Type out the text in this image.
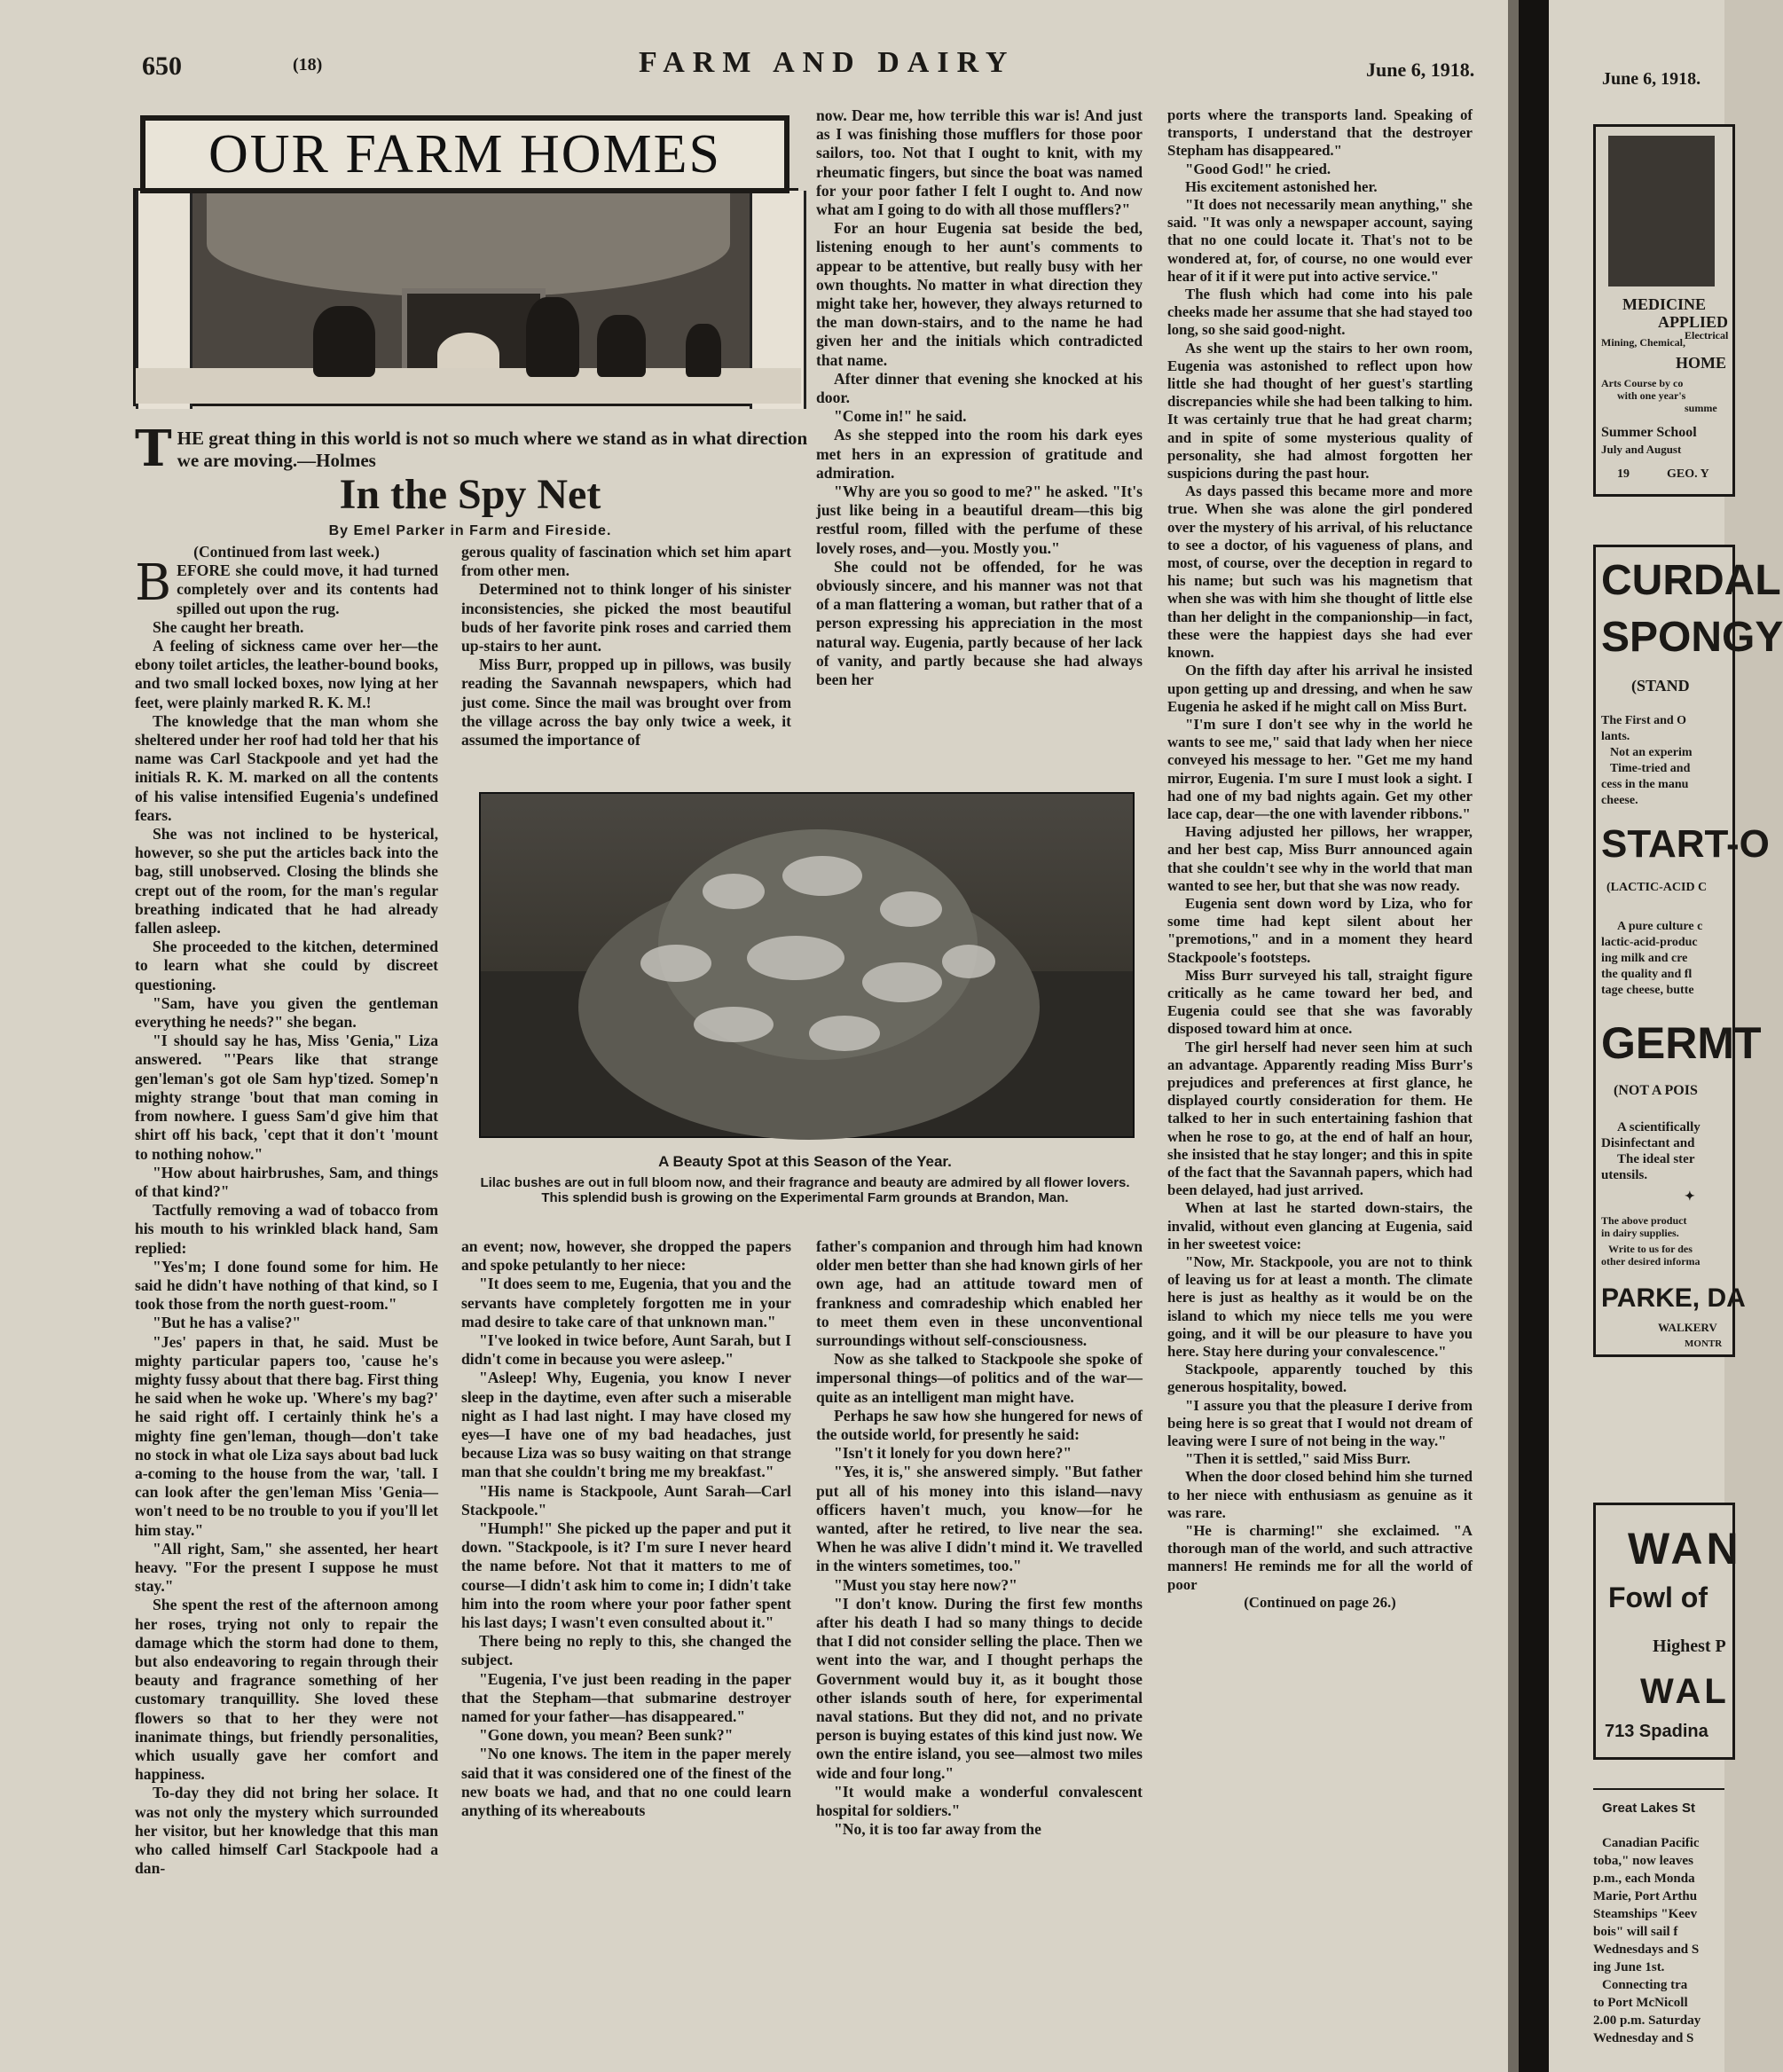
650	(18)	FARM AND DAIRY	June 6, 1918.	June 6, 1918.
OUR FARM HOMES
T HE great thing in this world is not so much where we stand as in what direction we are moving.—Holmes
In the Spy Net
By Emel Parker in Farm and Fireside.

(Continued from last week.)

BEFORE she could move, it had turned completely over and its contents had spilled out upon the rug.

She caught her breath.

A feeling of sickness came over her—the ebony toilet articles, the leather-bound books, and two small locked boxes, now lying at her feet, were plainly marked R. K. M.!

The knowledge that the man whom she sheltered under her roof had told her that his name was Carl Stackpoole and yet had the initials R. K. M. marked on all the contents of his valise intensified Eugenia's undefined fears.

She was not inclined to be hysterical, however, so she put the articles back into the bag, still unobserved. Closing the blinds she crept out of the room, for the man's regular breathing indicated that he had already fallen asleep.

She proceeded to the kitchen, determined to learn what she could by discreet questioning.

"Sam, have you given the gentleman everything he needs?" she began.

"I should say he has, Miss 'Genia," Liza answered. "'Pears like that strange gen'leman's got ole Sam hyp'tized. Somep'n mighty strange 'bout that man coming in from nowhere. I guess Sam'd give him that shirt off his back, 'cept that it don't 'mount to nothing nohow."

"How about hairbrushes, Sam, and things of that kind?"

Tactfully removing a wad of tobacco from his mouth to his wrinkled black hand, Sam replied:

"Yes'm; I done found some for him. He said he didn't have nothing of that kind, so I took those from the north guest-room."

"But he has a valise?"

"Jes' papers in that, he said. Must be mighty particular papers too, 'cause he's mighty fussy about that there bag. First thing he said when he woke up. 'Where's my bag?' he said right off. I certainly think he's a mighty fine gen'leman, though—don't take no stock in what ole Liza says about bad luck a-coming to the house from the war, 'tall. I can look after the gen'leman Miss 'Genia—won't need to be no trouble to you if you'll let him stay."

"All right, Sam," she assented, her heart heavy. "For the present I suppose he must stay."

She spent the rest of the afternoon among her roses, trying not only to repair the damage which the storm had done to them, but also endeavoring to regain through their beauty and fragrance something of her customary tranquillity. She loved these flowers so that to her they were not inanimate things, but friendly personalities, which usually gave her comfort and happiness.

To-day they did not bring her solace. It was not only the mystery which surrounded her visitor, but her knowledge that this man who called himself Carl Stackpoole had a dan-

gerous quality of fascination which set him apart from other men.

Determined not to think longer of his sinister inconsistencies, she picked the most beautiful buds of her favorite pink roses and carried them up-stairs to her aunt.

Miss Burr, propped up in pillows, was busily reading the Savannah newspapers, which had just come. Since the mail was brought over from the village across the bay only twice a week, it assumed the importance of

now. Dear me, how terrible this war is! And just as I was finishing those mufflers for those poor sailors, too. Not that I ought to knit, with my rheumatic fingers, but since the boat was named for your poor father I felt I ought to. And now what am I going to do with all those mufflers?"

For an hour Eugenia sat beside the bed, listening enough to her aunt's comments to appear to be attentive, but really busy with her own thoughts. No matter in what direction they might take her, however, they always returned to the man down-stairs, and to the name he had given her and the initials which contradicted that name.

After dinner that evening she knocked at his door.

"Come in!" he said.

As she stepped into the room his dark eyes met hers in an expression of gratitude and admiration.

"Why are you so good to me?" he asked. "It's just like being in a beautiful dream—this big restful room, filled with the perfume of these lovely roses, and—you. Mostly you."

She could not be offended, for he was obviously sincere, and his manner was not that of a man flattering a woman, but rather that of a person expressing his appreciation in the most natural way. Eugenia, partly because of her lack of vanity, and partly because she had always been her

A Beauty Spot at this Season of the Year.
Lilac bushes are out in full bloom now, and their fragrance and beauty are admired by all flower lovers. This splendid bush is growing on the Experimental Farm grounds at Brandon, Man.

an event; now, however, she dropped the papers and spoke petulantly to her niece:

"It does seem to me, Eugenia, that you and the servants have completely forgotten me in your mad desire to take care of that unknown man."

"I've looked in twice before, Aunt Sarah, but I didn't come in because you were asleep."

"Asleep! Why, Eugenia, you know I never sleep in the daytime, even after such a miserable night as I had last night. I may have closed my eyes—I have one of my bad headaches, just because Liza was so busy waiting on that strange man that she couldn't bring me my breakfast."

"His name is Stackpoole, Aunt Sarah—Carl Stackpoole."

"Humph!" She picked up the paper and put it down. "Stackpoole, is it? I'm sure I never heard the name before. Not that it matters to me of course—I didn't ask him to come in; I didn't take him into the room where your poor father spent his last days; I wasn't even consulted about it."

There being no reply to this, she changed the subject.

"Eugenia, I've just been reading in the paper that the Stepham—that submarine destroyer named for your father—has disappeared."

"Gone down, you mean? Been sunk?"

"No one knows. The item in the paper merely said that it was considered one of the finest of the new boats we had, and that no one could learn anything of its whereabouts

father's companion and through him had known older men better than she had known girls of her own age, had an attitude toward men of frankness and comradeship which enabled her to meet them even in these unconventional surroundings without self-consciousness.

Now as she talked to Stackpoole she spoke of impersonal things—of politics and of the war—quite as an intelligent man might have.

Perhaps he saw how she hungered for news of the outside world, for presently he said:

"Isn't it lonely for you down here?"

"Yes, it is," she answered simply. "But father put all of his money into this island—navy officers haven't much, you know—for he wanted, after he retired, to live near the sea. When he was alive I didn't mind it. We travelled in the winters sometimes, too."

"Must you stay here now?"

"I don't know. During the first few months after his death I had so many things to decide that I did not consider selling the place. Then we went into the war, and I thought perhaps the Government would buy it, as it bought those other islands south of here, for experimental naval stations. But they did not, and no private person is buying estates of this kind just now. We own the entire island, you see—almost two miles wide and four long."

"It would make a wonderful convalescent hospital for soldiers."

"No, it is too far away from the

ports where the transports land. Speaking of transports, I understand that the destroyer Stepham has disappeared."

"Good God!" he cried.

His excitement astonished her.

"It does not necessarily mean anything," she said. "It was only a newspaper account, saying that no one could locate it. That's not to be wondered at, for, of course, no one would ever hear of it if it were put into active service."

The flush which had come into his pale cheeks made her assume that she had stayed too long, so she said good-night.

As she went up the stairs to her own room, Eugenia was astonished to reflect upon how little she had thought of her guest's startling discrepancies while she had been talking to him. It was certainly true that he had great charm; and in spite of some mysterious quality of personality, she had almost forgotten her suspicions during the past hour.

As days passed this became more and more true. When she was alone the girl pondered over the mystery of his arrival, of his reluctance to see a doctor, of his vagueness of plans, and most, of course, over the deception in regard to his name; but such was his magnetism that when she was with him she thought of little else than her delight in the companionship—in fact, these were the happiest days she had ever known.

On the fifth day after his arrival he insisted upon getting up and dressing, and when he saw Eugenia he asked if he might call on Miss Burt.

"I'm sure I don't see why in the world he wants to see me," said that lady when her niece conveyed his message to her. "Get me my hand mirror, Eugenia. I'm sure I must look a sight. I had one of my bad nights again. Get my other lace cap, dear—the one with lavender ribbons."

Having adjusted her pillows, her wrapper, and her best cap, Miss Burr announced again that she couldn't see why in the world that man wanted to see her, but that she was now ready.

Eugenia sent down word by Liza, who for some time had kept silent about her "premotions," and in a moment they heard Stackpoole's footsteps.

Miss Burr surveyed his tall, straight figure critically as he came toward her bed, and Eugenia could see that she was favorably disposed toward him at once.

The girl herself had never seen him at such an advantage. Apparently reading Miss Burr's prejudices and preferences at first glance, he displayed courtly consideration for them. He talked to her in such entertaining fashion that when he rose to go, at the end of half an hour, she insisted that he stay longer; and this in spite of the fact that the Savannah papers, which had been delayed, had just arrived.

When at last he started down-stairs, the invalid, without even glancing at Eugenia, said in her sweetest voice:

"Now, Mr. Stackpoole, you are not to think of leaving us for at least a month. The climate here is just as healthy as it would be on the island to which my niece tells me you were going, and it will be our pleasure to have you here. Stay here during your convalescence."

Stackpoole, apparently touched by this generous hospitality, bowed.

"I assure you that the pleasure I derive from being here is so great that I would not dream of leaving were I sure of not being in the way."

"Then it is settled," said Miss Burr.

When the door closed behind him she turned to her niece with enthusiasm as genuine as it was rare.

"He is charming!" she exclaimed. "A thorough man of the world, and such attractive manners! He reminds me for all the world of poor

(Continued on page 26.)

MEDICINE
APPLIED
Mining, Chemical,
Electrical
HOME
Arts Course by co
with one year's
summe
Summer School
July and August
19	GEO. Y
CURDAL
SPONGY
(STAND
The First and O
lants.
Not an experim
Time-tried and
cess in the manu
cheese.
START-O
(LACTIC-ACID C
A pure culture c
lactic-acid-produc
ing milk and cre
the quality and fl
tage cheese, butte
GERMT
(NOT A POIS
A scientifically
Disinfectant and
The ideal ster
utensils.
✦
The above product
in dairy supplies.
Write to us for des
other desired informa
PARKE, DA
WALKERV
MONTR
WAN
Fowl of
Highest P
WAL
713 Spadina
Great Lakes St
Canadian Pacific
toba," now leaves
p.m., each Monda
Marie, Port Arthu
Steamships "Keev
bois" will sail f
Wednesdays and S
ing June 1st.
Connecting tra
to Port McNicoll
2.00 p.m. Saturday
Wednesday and S
